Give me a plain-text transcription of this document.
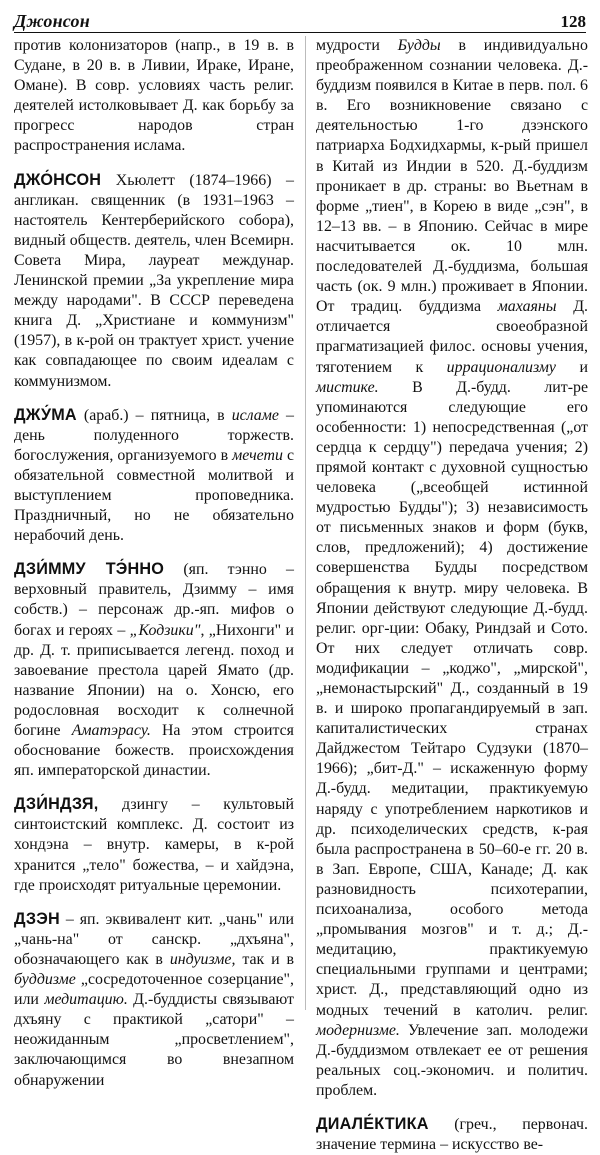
Джонсон	128

против колонизаторов (напр., в 19 в. в Судане, в 20 в. в Ливии, Ираке, Иране, Омане). В совр. условиях часть религ. деятелей истолковывает Д. как борьбу за прогресс народов стран распространения ислама.

ДЖО́НСОН Хьюлетт (1874–1966) – англикан. священник (в 1931–1963 – настоятель Кентерберийского собора), видный обществ. деятель, член Всемирн. Совета Мира, лауреат междунар. Ленинской премии „За укрепление мира между народами". В СССР переведена книга Д. „Христиане и коммунизм" (1957), в к-рой он трактует христ. учение как совпадающее по своим идеалам с коммунизмом.

ДЖУ́МА (араб.) – пятница, в исламе – день полуденного торжеств. богослужения, организуемого в мечети с обязательной совместной молитвой и выступлением проповедника. Праздничный, но не обязательно нерабочий день.

ДЗИ́ММУ ТЭ́ННО (яп. тэнно – верховный правитель, Дзимму – имя собств.) – персонаж др.-яп. мифов о богах и героях – „Кодзики", „Нихонги" и др. Д. т. приписывается легенд. поход и завоевание престола царей Ямато (др. название Японии) на о. Хонсю, его родословная восходит к солнечной богине Аматэрасу. На этом строится обоснование божеств. происхождения яп. императорской династии.

ДЗИ́НДЗЯ, дзингу – культовый синтоистский комплекс. Д. состоит из хондэна – внутр. камеры, в к-рой хранится „тело" божества, – и хайдэна, где происходят ритуальные церемонии.

ДЗЭН – яп. эквивалент кит. „чань" или „чань-на" от санскр. „дхъяна", обозначающего как в индуизме, так и в буддизме „сосредоточенное созерцание", или медитацию. Д.-буддисты связывают дхъяну с практикой „сатори" – неожиданным „просветлением", заключающимся во внезапном обнаружении

мудрости Будды в индивидуально преображенном сознании человека. Д.-буддизм появился в Китае в перв. пол. 6 в. Его возникновение связано с деятельностью 1-го дзэнского патриарха Бодхидхармы, к-рый пришел в Китай из Индии в 520. Д.-буддизм проникает в др. страны: во Вьетнам в форме „тиен", в Корею в виде „сэн", в 12–13 вв. – в Японию. Сейчас в мире насчитывается ок. 10 млн. последователей Д.-буддизма, большая часть (ок. 9 млн.) проживает в Японии. От традиц. буддизма махаяны Д. отличается своеобразной прагматизацией филос. основы учения, тяготением к иррационализму и мистике. В Д.-будд. лит-ре упоминаются следующие его особенности: 1) непосредственная („от сердца к сердцу") передача учения; 2) прямой контакт с духовной сущностью человека („всеобщей истинной мудростью Будды"); 3) независимость от письменных знаков и форм (букв, слов, предложений); 4) достижение совершенства Будды посредством обращения к внутр. миру человека. В Японии действуют следующие Д.-будд. религ. орг-ции: Обаку, Риндзай и Сото. От них следует отличать совр. модификации – „коджо", „мирской", „немонастырский" Д., созданный в 19 в. и широко пропагандируемый в зап. капиталистических странах Дайджестом Тейтаро Судзуки (1870–1966); „бит-Д." – искаженную форму Д.-будд. медитации, практикуемую наряду с употреблением наркотиков и др. психоделических средств, к-рая была распространена в 50–60-е гг. 20 в. в Зап. Европе, США, Канаде; Д. как разновидность психотерапии, психоанализа, особого метода „промывания мозгов" и т. д.; Д.-медитацию, практикуемую специальными группами и центрами; христ. Д., представляющий одно из модных течений в католич. религ. модернизме. Увлечение зап. молодежи Д.-буддизмом отвлекает ее от решения реальных соц.-экономич. и политич. проблем.

ДИАЛЕ́КТИКА (греч., первонач. значение термина – искусство ве-
